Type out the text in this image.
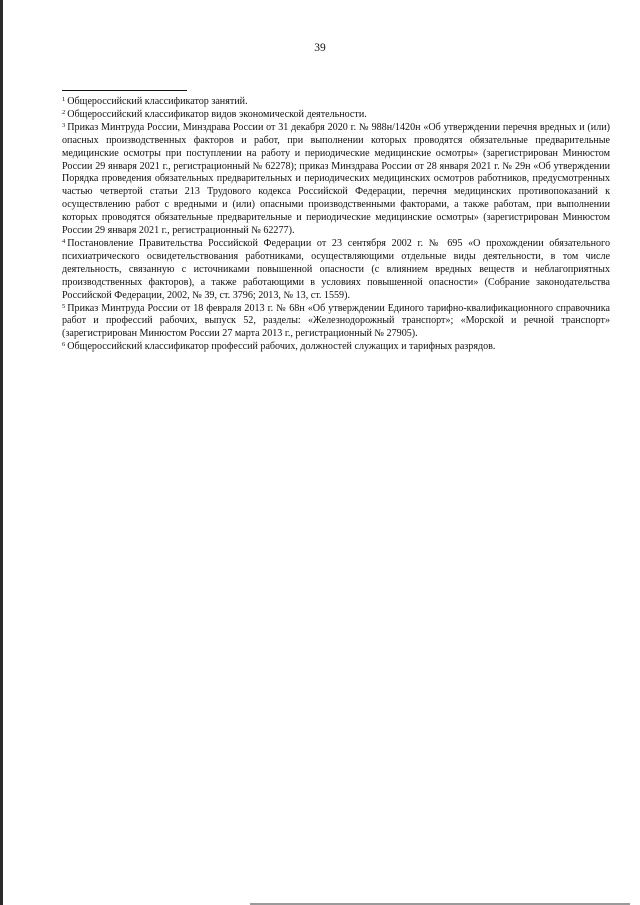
39

$^1$ Общероссийский классификатор занятий.

$^2$ Общероссийский классификатор видов экономической деятельности.

$^3$ Приказ Минтруда России, Минздрава России от 31 декабря 2020 г. № 988н/1420н «Об утверждении перечня вредных и (или) опасных производственных факторов и работ, при выполнении которых проводятся обязательные предварительные медицинские осмотры при поступлении на работу и периодические медицинские осмотры» (зарегистрирован Минюстом России 29 января 2021 г., регистрационный № 62278); приказ Минздрава России от 28 января 2021 г. № 29н «Об утверждении Порядка проведения обязательных предварительных и периодических медицинских осмотров работников, предусмотренных частью четвертой статьи 213 Трудового кодекса Российской Федерации, перечня медицинских противопоказаний к осуществлению работ с вредными и (или) опасными производственными факторами, а также работам, при выполнении которых проводятся обязательные предварительные и периодические медицинские осмотры» (зарегистрирован Минюстом России 29 января 2021 г., регистрационный № 62277).

$^4$ Постановление Правительства Российской Федерации от 23 сентября 2002 г. № 695 «О прохождении обязательного психиатрического освидетельствования работниками, осуществляющими отдельные виды деятельности, в том числе деятельность, связанную с источниками повышенной опасности (с влиянием вредных веществ и неблагоприятных производственных факторов), а также работающими в условиях повышенной опасности» (Собрание законодательства Российской Федерации, 2002, № 39, ст. 3796; 2013, № 13, ст. 1559).

$^5$ Приказ Минтруда России от 18 февраля 2013 г. № 68н «Об утверждении Единого тарифно-квалификационного справочника работ и профессий рабочих, выпуск 52, разделы: «Железнодорожный транспорт»; «Морской и речной транспорт» (зарегистрирован Минюстом России 27 марта 2013 г., регистрационный № 27905).

$^6$ Общероссийский классификатор профессий рабочих, должностей служащих и тарифных разрядов.
